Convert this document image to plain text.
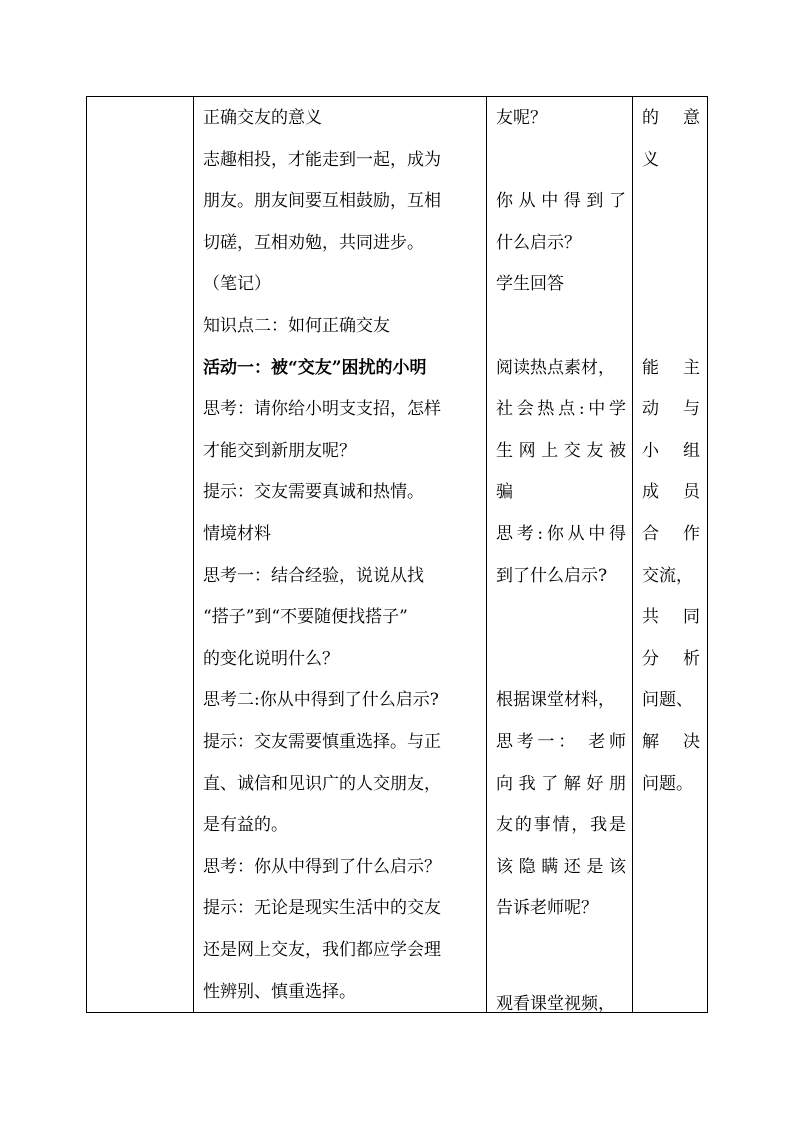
正确交友的意义
志趣相投，才能走到一起，成为
朋友。朋友间要互相鼓励，互相
切磋，互相劝勉，共同进步。
（笔记）
知识点二：如何正确交友
活动一：被“交友”困扰的小明
思考：请你给小明支支招，怎样
才能交到新朋友呢？
提示：交友需要真诚和热情。
情境材料
思考一：结合经验，说说从找
“搭子”到“不要随便找搭子”
的变化说明什么？
思考二:你从中得到了什么启示?
提示：交友需要慎重选择。与正
直、诚信和见识广的人交朋友，
是有益的。
思考：你从中得到了什么启示？
提示：无论是现实生活中的交友
还是网上交友，我们都应学会理
性辨别、慎重选择。
友呢？
你从中得到了
什么启示？
学生回答
阅读热点素材，
社会热点:中学
生网上交友被
骗
思考:你从中得
到了什么启示?
根据课堂材料，
思考一： 老师
向我了解好朋
友的事情，我是
该隐瞒还是该
告诉老师呢？
观看课堂视频，
的 意
义
能 主
动 与
小 组
成 员
合 作
交流，
共 同
分 析
问题、
解 决
问题。
